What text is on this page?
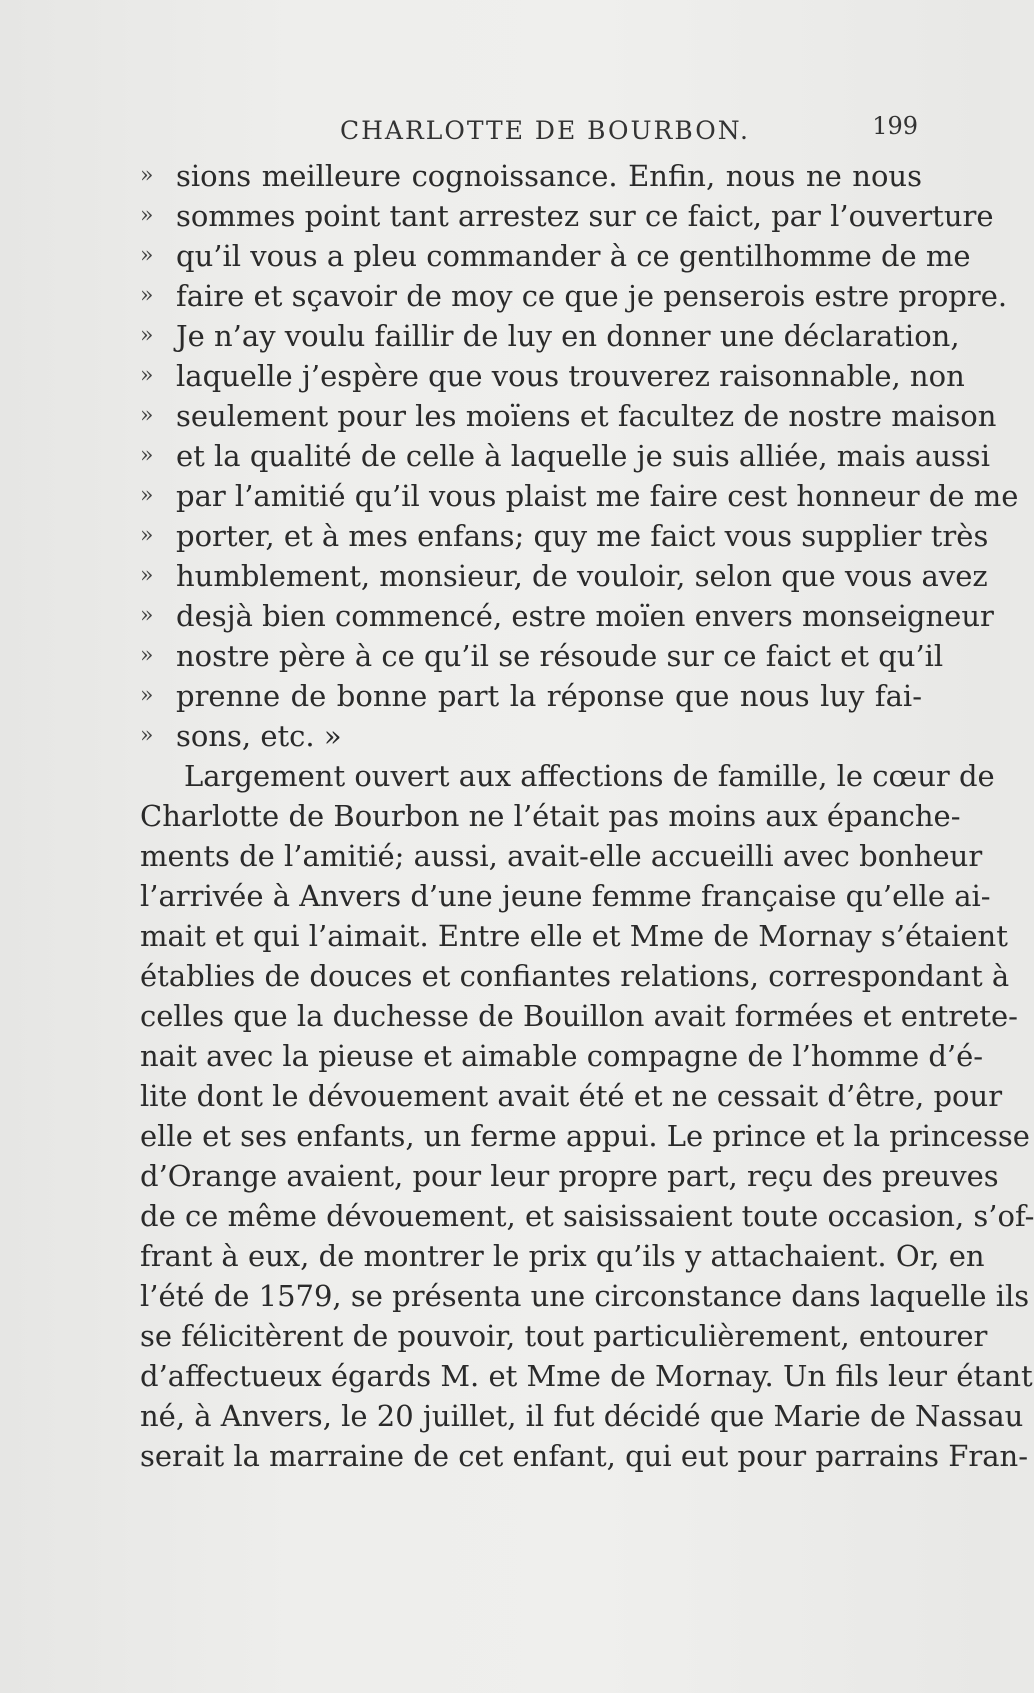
CHARLOTTE DE BOURBON.	199
» sions meilleure cognoissance. Enfin, nous ne nous
» sommes point tant arrestez sur ce faict, par l’ouverture
» qu’il vous a pleu commander à ce gentilhomme de me
» faire et sçavoir de moy ce que je penserois estre propre.
» Je n’ay voulu faillir de luy en donner une déclaration,
» laquelle j’espère que vous trouverez raisonnable, non
» seulement pour les moïens et facultez de nostre maison
» et la qualité de celle à laquelle je suis alliée, mais aussi
» par l’amitié qu’il vous plaist me faire cest honneur de me
» porter, et à mes enfans; quy me faict vous supplier très
» humblement, monsieur, de vouloir, selon que vous avez
» desjà bien commencé, estre moïen envers monseigneur
» nostre père à ce qu’il se résoude sur ce faict et qu’il
» prenne de bonne part la réponse que nous luy fai-
» sons, etc. »
Largement ouvert aux affections de famille, le cœur de
Charlotte de Bourbon ne l’était pas moins aux épanche-
ments de l’amitié; aussi, avait-elle accueilli avec bonheur
l’arrivée à Anvers d’une jeune femme française qu’elle ai-
mait et qui l’aimait. Entre elle et Mme de Mornay s’étaient
établies de douces et confiantes relations, correspondant à
celles que la duchesse de Bouillon avait formées et entrete-
nait avec la pieuse et aimable compagne de l’homme d’é-
lite dont le dévouement avait été et ne cessait d’être, pour
elle et ses enfants, un ferme appui. Le prince et la princesse
d’Orange avaient, pour leur propre part, reçu des preuves
de ce même dévouement, et saisissaient toute occasion, s’of-
frant à eux, de montrer le prix qu’ils y attachaient. Or, en
l’été de 1579, se présenta une circonstance dans laquelle ils
se félicitèrent de pouvoir, tout particulièrement, entourer
d’affectueux égards M. et Mme de Mornay. Un fils leur étant
né, à Anvers, le 20 juillet, il fut décidé que Marie de Nassau
serait la marraine de cet enfant, qui eut pour parrains Fran-
